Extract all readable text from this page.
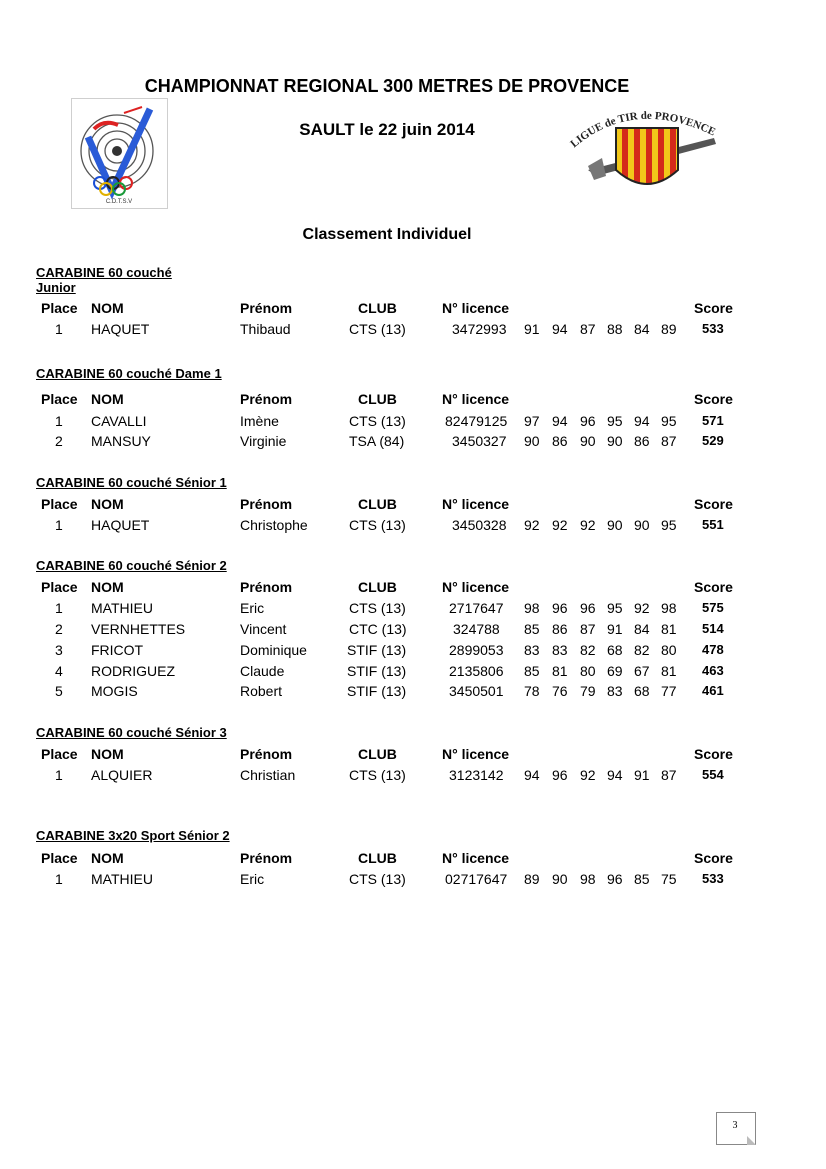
CHAMPIONNAT REGIONAL 300 METRES DE PROVENCE
SAULT le 22 juin 2014
Classement Individuel
C.D.T.S.V
LIGUE de TIR de PROVENCE
CARABINE 60 couché
Junior
Place NOM	Prénom	CLUB	N° licence	Score
1 HAQUET	Thibaud	CTS (13)	3472993 91 94 87 88 84 89 533
CARABINE 60 couché Dame 1
Place NOM	Prénom	CLUB	N° licence	Score
1 CAVALLI	Imène	CTS (13)	82479125 97 94 96 95 94 95 571
2 MANSUY	Virginie	TSA (84)	3450327 90 86 90 90 86 87 529
CARABINE 60 couché Sénior 1
Place NOM	Prénom	CLUB	N° licence	Score
1 HAQUET	Christophe	CTS (13)	3450328 92 92 92 90 90 95 551
CARABINE 60 couché Sénior 2
Place NOM	Prénom	CLUB	N° licence	Score
1 MATHIEU	Eric	CTS (13)	2717647 98 96 96 95 92 98 575
2 VERNHETTES	Vincent	CTC (13)	324788 85 86 87 91 84 81 514
3 FRICOT	Dominique	STIF (13)	2899053 83 83 82 68 82 80 478
4 RODRIGUEZ	Claude	STIF (13)	2135806 85 81 80 69 67 81 463
5 MOGIS	Robert	STIF (13)	3450501 78 76 79 83 68 77 461
CARABINE 60 couché Sénior 3
Place NOM	Prénom	CLUB	N° licence	Score
1 ALQUIER	Christian	CTS (13)	3123142 94 96 92 94 91 87 554
CARABINE 3x20 Sport Sénior 2
Place NOM	Prénom	CLUB	N° licence	Score
1 MATHIEU	Eric	CTS (13)	02717647 89 90 98 96 85 75 533
3
